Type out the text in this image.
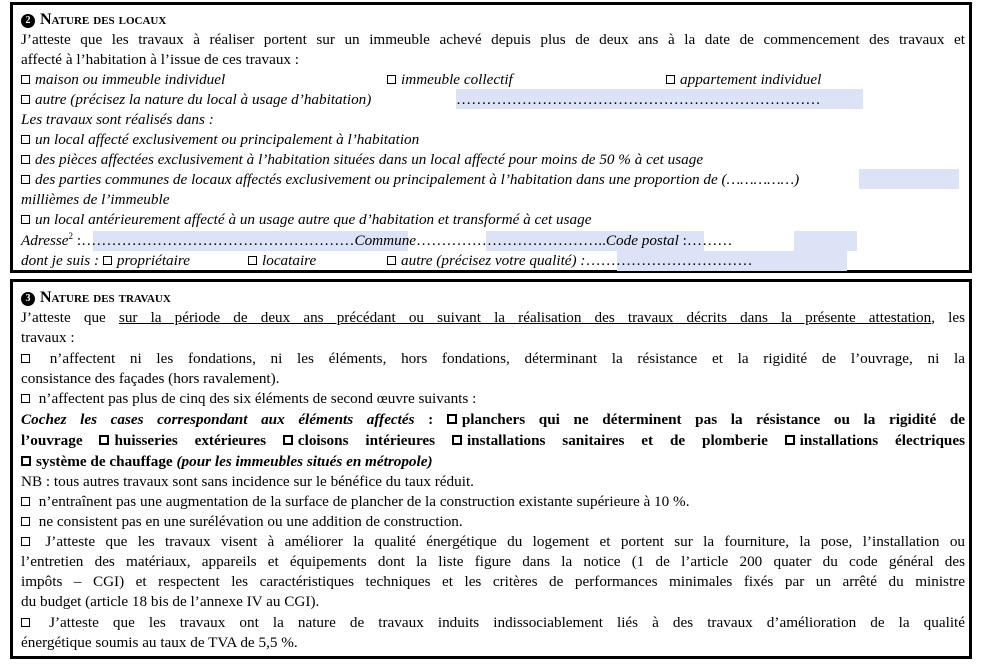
2 Nature des locaux
J’atteste que les travaux à réaliser portent sur un immeuble achevé depuis plus de deux ans à la date de commencement des travaux et
affecté à l’habitation à l’issue de ces travaux :
maison ou immeuble individuel	immeuble collectif	appartement individuel
autre (précisez la nature du local à usage d’habitation)	………………………………………………………………
Les travaux sont réalisés dans :
un local affecté exclusivement ou principalement à l’habitation
des pièces affectées exclusivement à l’habitation situées dans un local affecté pour moins de 50 % à cet usage
des parties communes de locaux affectés exclusivement ou principalement à l’habitation dans une proportion de (……………)
millièmes de l’immeuble
un local antérieurement affecté à un usage autre que d’habitation et transformé à cet usage
Adresse$^2$ :………………………………………………Commune………………………………..Code postal :………
dont je suis : propriétaire	locataire	autre (précisez votre qualité) :……………………………
3 Nature des travaux
J’atteste que sur la période de deux ans précédant ou suivant la réalisation des travaux décrits dans la présente attestation, les
travaux :
n’affectent ni les fondations, ni les éléments, hors fondations, déterminant la résistance et la rigidité de l’ouvrage, ni la
consistance des façades (hors ravalement).
n’affectent pas plus de cinq des six éléments de second œuvre suivants :
Cochez les cases correspondant aux éléments affectés : planchers qui ne déterminent pas la résistance ou la rigidité de
l’ouvrage huisseries extérieures cloisons intérieures installations sanitaires et de plomberie installations électriques
système de chauffage (pour les immeubles situés en métropole)
NB : tous autres travaux sont sans incidence sur le bénéfice du taux réduit.
n’entraînent pas une augmentation de la surface de plancher de la construction existante supérieure à 10 %.
ne consistent pas en une surélévation ou une addition de construction.
J’atteste que les travaux visent à améliorer la qualité énergétique du logement et portent sur la fourniture, la pose, l’installation ou
l’entretien des matériaux, appareils et équipements dont la liste figure dans la notice (1 de l’article 200 quater du code général des
impôts – CGI) et respectent les caractéristiques techniques et les critères de performances minimales fixés par un arrêté du ministre
du budget (article 18 bis de l’annexe IV au CGI).
J’atteste que les travaux ont la nature de travaux induits indissociablement liés à des travaux d’amélioration de la qualité
énergétique soumis au taux de TVA de 5,5 %.
